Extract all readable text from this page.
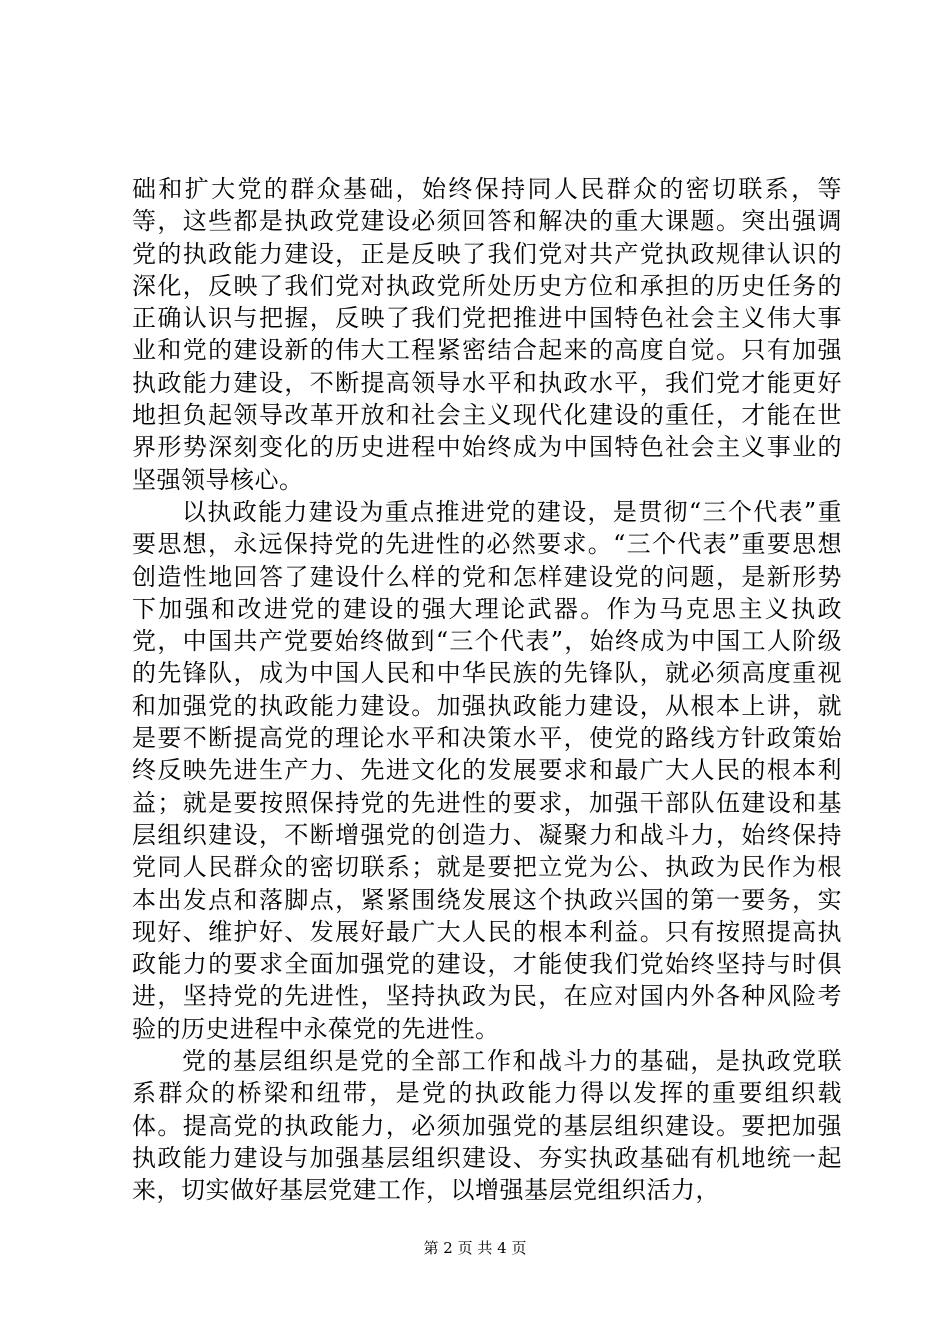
础和扩大党的群众基础，始终保持同人民群众的密切联系，等等，这些都是执政党建设必须回答和解决的重大课题。突出强调党的执政能力建设，正是反映了我们党对共产党执政规律认识的深化，反映了我们党对执政党所处历史方位和承担的历史任务的正确认识与把握，反映了我们党把推进中国特色社会主义伟大事业和党的建设新的伟大工程紧密结合起来的高度自觉。只有加强执政能力建设，不断提高领导水平和执政水平，我们党才能更好地担负起领导改革开放和社会主义现代化建设的重任，才能在世界形势深刻变化的历史进程中始终成为中国特色社会主义事业的坚强领导核心。

以执政能力建设为重点推进党的建设，是贯彻“三个代表”重要思想，永远保持党的先进性的必然要求。“三个代表”重要思想创造性地回答了建设什么样的党和怎样建设党的问题，是新形势下加强和改进党的建设的强大理论武器。作为马克思主义执政党，中国共产党要始终做到“三个代表”，始终成为中国工人阶级的先锋队，成为中国人民和中华民族的先锋队，就必须高度重视和加强党的执政能力建设。加强执政能力建设，从根本上讲，就是要不断提高党的理论水平和决策水平，使党的路线方针政策始终反映先进生产力、先进文化的发展要求和最广大人民的根本利益；就是要按照保持党的先进性的要求，加强干部队伍建设和基层组织建设，不断增强党的创造力、凝聚力和战斗力，始终保持党同人民群众的密切联系；就是要把立党为公、执政为民作为根本出发点和落脚点，紧紧围绕发展这个执政兴国的第一要务，实现好、维护好、发展好最广大人民的根本利益。只有按照提高执政能力的要求全面加强党的建设，才能使我们党始终坚持与时俱进，坚持党的先进性，坚持执政为民，在应对国内外各种风险考验的历史进程中永葆党的先进性。

党的基层组织是党的全部工作和战斗力的基础，是执政党联系群众的桥梁和纽带，是党的执政能力得以发挥的重要组织载体。提高党的执政能力，必须加强党的基层组织建设。要把加强执政能力建设与加强基层组织建设、夯实执政基础有机地统一起来，切实做好基层党建工作，以增强基层党组织活力，

第 2 页 共 4 页
